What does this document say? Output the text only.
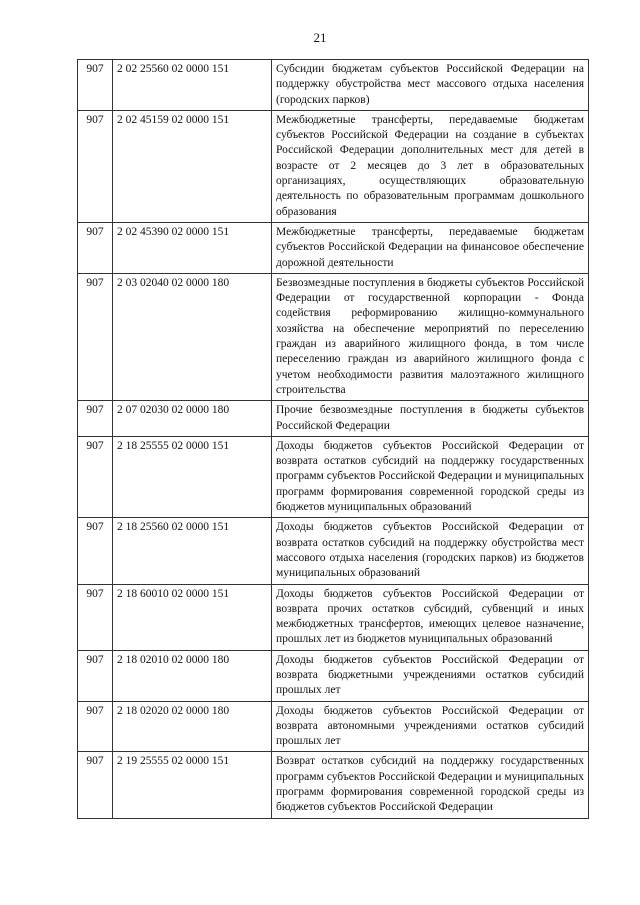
21
907	2 02 25560 02 0000 151	Субсидии бюджетам субъектов Российской Федерации на поддержку обустройства мест массового отдыха населения (городских парков)
907	2 02 45159 02 0000 151	Межбюджетные трансферты, передаваемые бюджетам субъектов Российской Федерации на создание в субъектах Российской Федерации дополнительных мест для детей в возрасте от 2 месяцев до 3 лет в образовательных организациях, осуществляющих образовательную деятельность по образовательным программам дошкольного образования
907	2 02 45390 02 0000 151	Межбюджетные трансферты, передаваемые бюджетам субъектов Российской Федерации на финансовое обеспечение дорожной деятельности
907	2 03 02040 02 0000 180	Безвозмездные поступления в бюджеты субъектов Российской Федерации от государственной корпорации - Фонда содействия реформированию жилищно-коммунального хозяйства на обеспечение мероприятий по переселению граждан из аварийного жилищного фонда, в том числе переселению граждан из аварийного жилищного фонда с учетом необходимости развития малоэтажного жилищного строительства
907	2 07 02030 02 0000 180	Прочие безвозмездные поступления в бюджеты субъектов Российской Федерации
907	2 18 25555 02 0000 151	Доходы бюджетов субъектов Российской Федерации от возврата остатков субсидий на поддержку государственных программ субъектов Российской Федерации и муниципальных программ формирования современной городской среды из бюджетов муниципальных образований
907	2 18 25560 02 0000 151	Доходы бюджетов субъектов Российской Федерации от возврата остатков субсидий на поддержку обустройства мест массового отдыха населения (городских парков) из бюджетов муниципальных образований
907	2 18 60010 02 0000 151	Доходы бюджетов субъектов Российской Федерации от возврата прочих остатков субсидий, субвенций и иных межбюджетных трансфертов, имеющих целевое назначение, прошлых лет из бюджетов муниципальных образований
907	2 18 02010 02 0000 180	Доходы бюджетов субъектов Российской Федерации от возврата бюджетными учреждениями остатков субсидий прошлых лет
907	2 18 02020 02 0000 180	Доходы бюджетов субъектов Российской Федерации от возврата автономными учреждениями остатков субсидий прошлых лет
907	2 19 25555 02 0000 151	Возврат остатков субсидий на поддержку государственных программ субъектов Российской Федерации и муниципальных программ формирования современной городской среды из бюджетов субъектов Российской Федерации
